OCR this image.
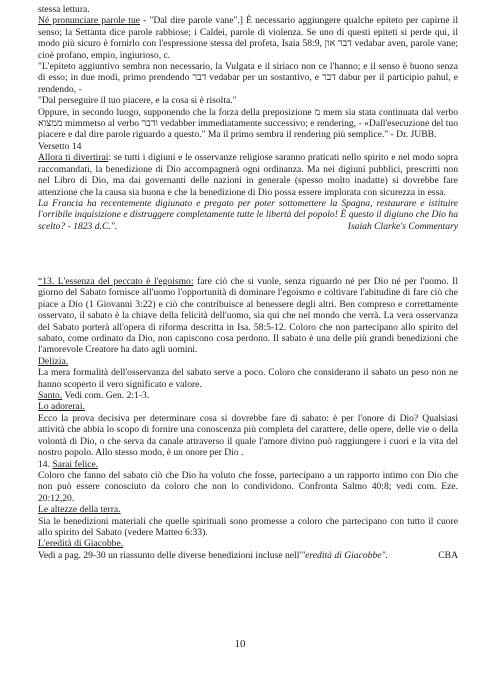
stessa lettura.

Né pronunciare parole tue - "Dal dire parole vane".] È necessario aggiungere qualche epiteto per capirne il senso; la Settanta dice parole rabbiose; i Caldei, parole di violenza. Se uno di questi epiteti si perde qui, il modo più sicuro è fornirlo con l'espressione stessa del profeta, Isaia 58:9, דבר און vedabar aven, parole vane; cioè profano, empio, ingiurioso, c.

"L'epiteto aggiuntivo sembra non necessario, la Vulgata e il siriaco non ce l'hanno; e il senso è buono senza di esso; in due modi, primo prendendo דבר vedabar per un sostantivo, e דבר dabur per il participio pahul, e rendendo, -

"Dal perseguire il tuo piacere, e la cosa si è risolta."

Oppure, in secondo luogo, supponendo che la forza della preposizione מ mem sia stata continuata dal verbo ממצוא mimmetso al verbo ודבר vedabber immediatamente successivo; e rendering, - «Dall'esecuzione del tuo piacere e dal dire parole riguardo a questo." Ma il primo sembra il rendering più semplice." - Dr. JUBB.

Versetto 14

Allora ti divertirai: se tutti i digiuni e le osservanze religiose saranno praticati nello spirito e nel modo sopra raccomandati, la benedizione di Dio accompagnerà ogni ordinanza. Ma nei digiuni pubblici, prescritti non nel Libro di Dio, ma dai governanti delle nazioni in generale (spesso molto inadatte) si dovrebbe fare attenzione che la causa sia buona e che la benedizione di Dio possa essere implorata con sicurezza in essa.

La Francia ha recentemente digiunato e pregato per poter sottomettere la Spagna, restaurare e istituire l'orribile inquisizione e distruggere completamente tutte le libertà del popolo! È questo il digiuno che Dio ha scelto? - 1823 d.C.".	Isaiah Clarke's Commentary

“13. L'essenza del peccato è l'egoismo: fare ciò che si vuole, senza riguardo né per Dio né per l'uomo. Il giorno del Sabato fornisce all'uomo l'opportunità di dominare l'egoismo e coltivare l'abitudine di fare ciò che piace a Dio (1 Giovanni 3:22) e ciò che contribuisce al benessere degli altri. Ben compreso e correttamente osservato, il sabato è la chiave della felicità dell'uomo, sia qui che nel mondo che verrà. La vera osservanza del Sabato porterà all'opera di riforma descritta in Isa. 58:5-12. Coloro che non partecipano allo spirito del sabato, come ordinato da Dio, non capiscono cosa perdono. Il sabato è una delle più grandi benedizioni che l'amorevole Creatore ha dato agli uomini.

Delizia.

La mera formalità dell'osservanza del sabato serve a poco. Coloro che considerano il sabato un peso non ne hanno scoperto il vero significato e valore.

Santo. Vedi com. Gen. 2:1-3.

Lo adorerai.

Ecco la prova decisiva per determinare cosa si dovrebbe fare di sabato: è per l'onore di Dio? Qualsiasi attività che abbia lo scopo di fornire una conoscenza più completa del carattere, delle opere, delle vie o della volontà di Dio, o che serva da canale attraverso il quale l'amore divino può raggiungere i cuori e la vita del nostro popolo. Allo stesso modo, è un onore per Dio .

14. Sarai felice.

Coloro che fanno del sabato ciò che Dio ha voluto che fosse, partecipano a un rapporto intimo con Dio che non può essere conosciuto da coloro che non lo condividono. Confronta Salmo 40:8; vedi com. Eze. 20:12,20.

Le altezze della terra.

Sia le benedizioni materiali che quelle spirituali sono promesse a coloro che partecipano con tutto il cuore allo spirito del Sabato (vedere Matteo 6:33).

L'eredità di Giacobbe.

Vedi a pag. 29-30 un riassunto delle diverse benedizioni incluse nell'"eredità di Giacobbe".	CBA

10
